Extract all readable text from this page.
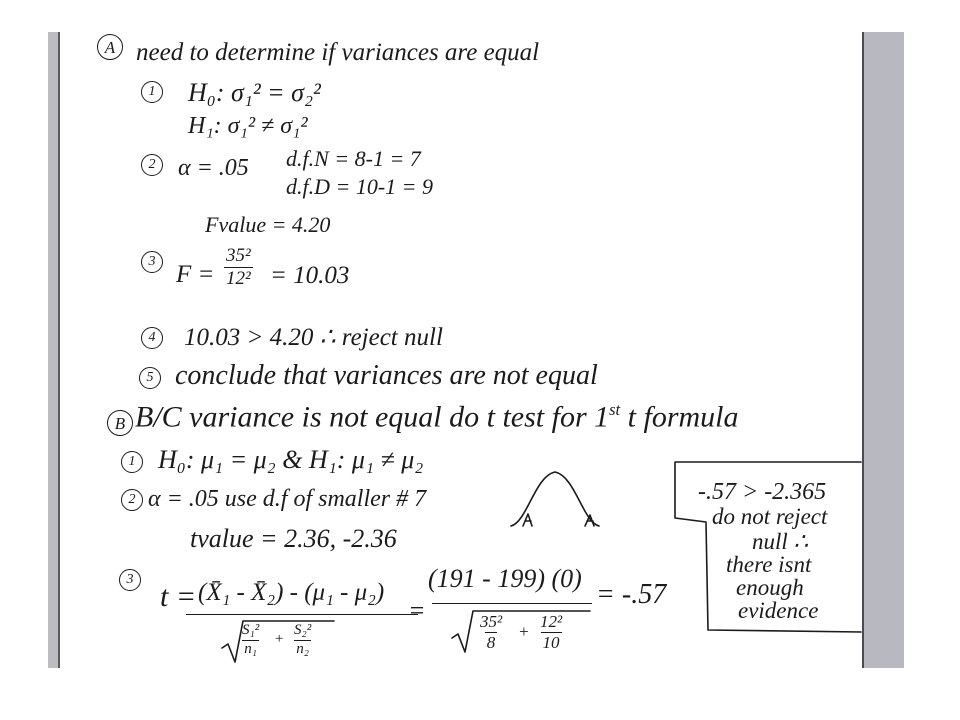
A need to determine if variances are equal
1 H₀: σ₁² = σ₂²
H₁: σ₁² ≠ σ₁²
2 α = .05 d.f.N = 8-1 = 7
d.f.D = 10-1 = 9
Fvalue = 4.20
3 $F = \frac{\text{35²}}{\text{12²}} = 10.03$
4	10.03 > 4.20 ∴ reject null
5 conclude that variances are not equal
B B/C variance is not equal do t test for 1st t formula
1 H₀: μ₁ = μ₂ & H₁: μ₁ ≠ μ₂
2 α = .05 use d.f of smaller # 7
tvalue = 2.36, -2.36
3
t = (X̄₁ - X̄₂) - (μ₁ - μ₂)
$\frac{\text{S₁²}}{\text{n₁}} + \frac{\text{S₂²}}{\text{n₂}}$
=
(191 - 199) (0)
$\frac{\text{35²}}{8} + \frac{\text{12²}}{10}$
= -.57
-.57 > -2.365
do not reject
null ∴
there isnt
enough
evidence
